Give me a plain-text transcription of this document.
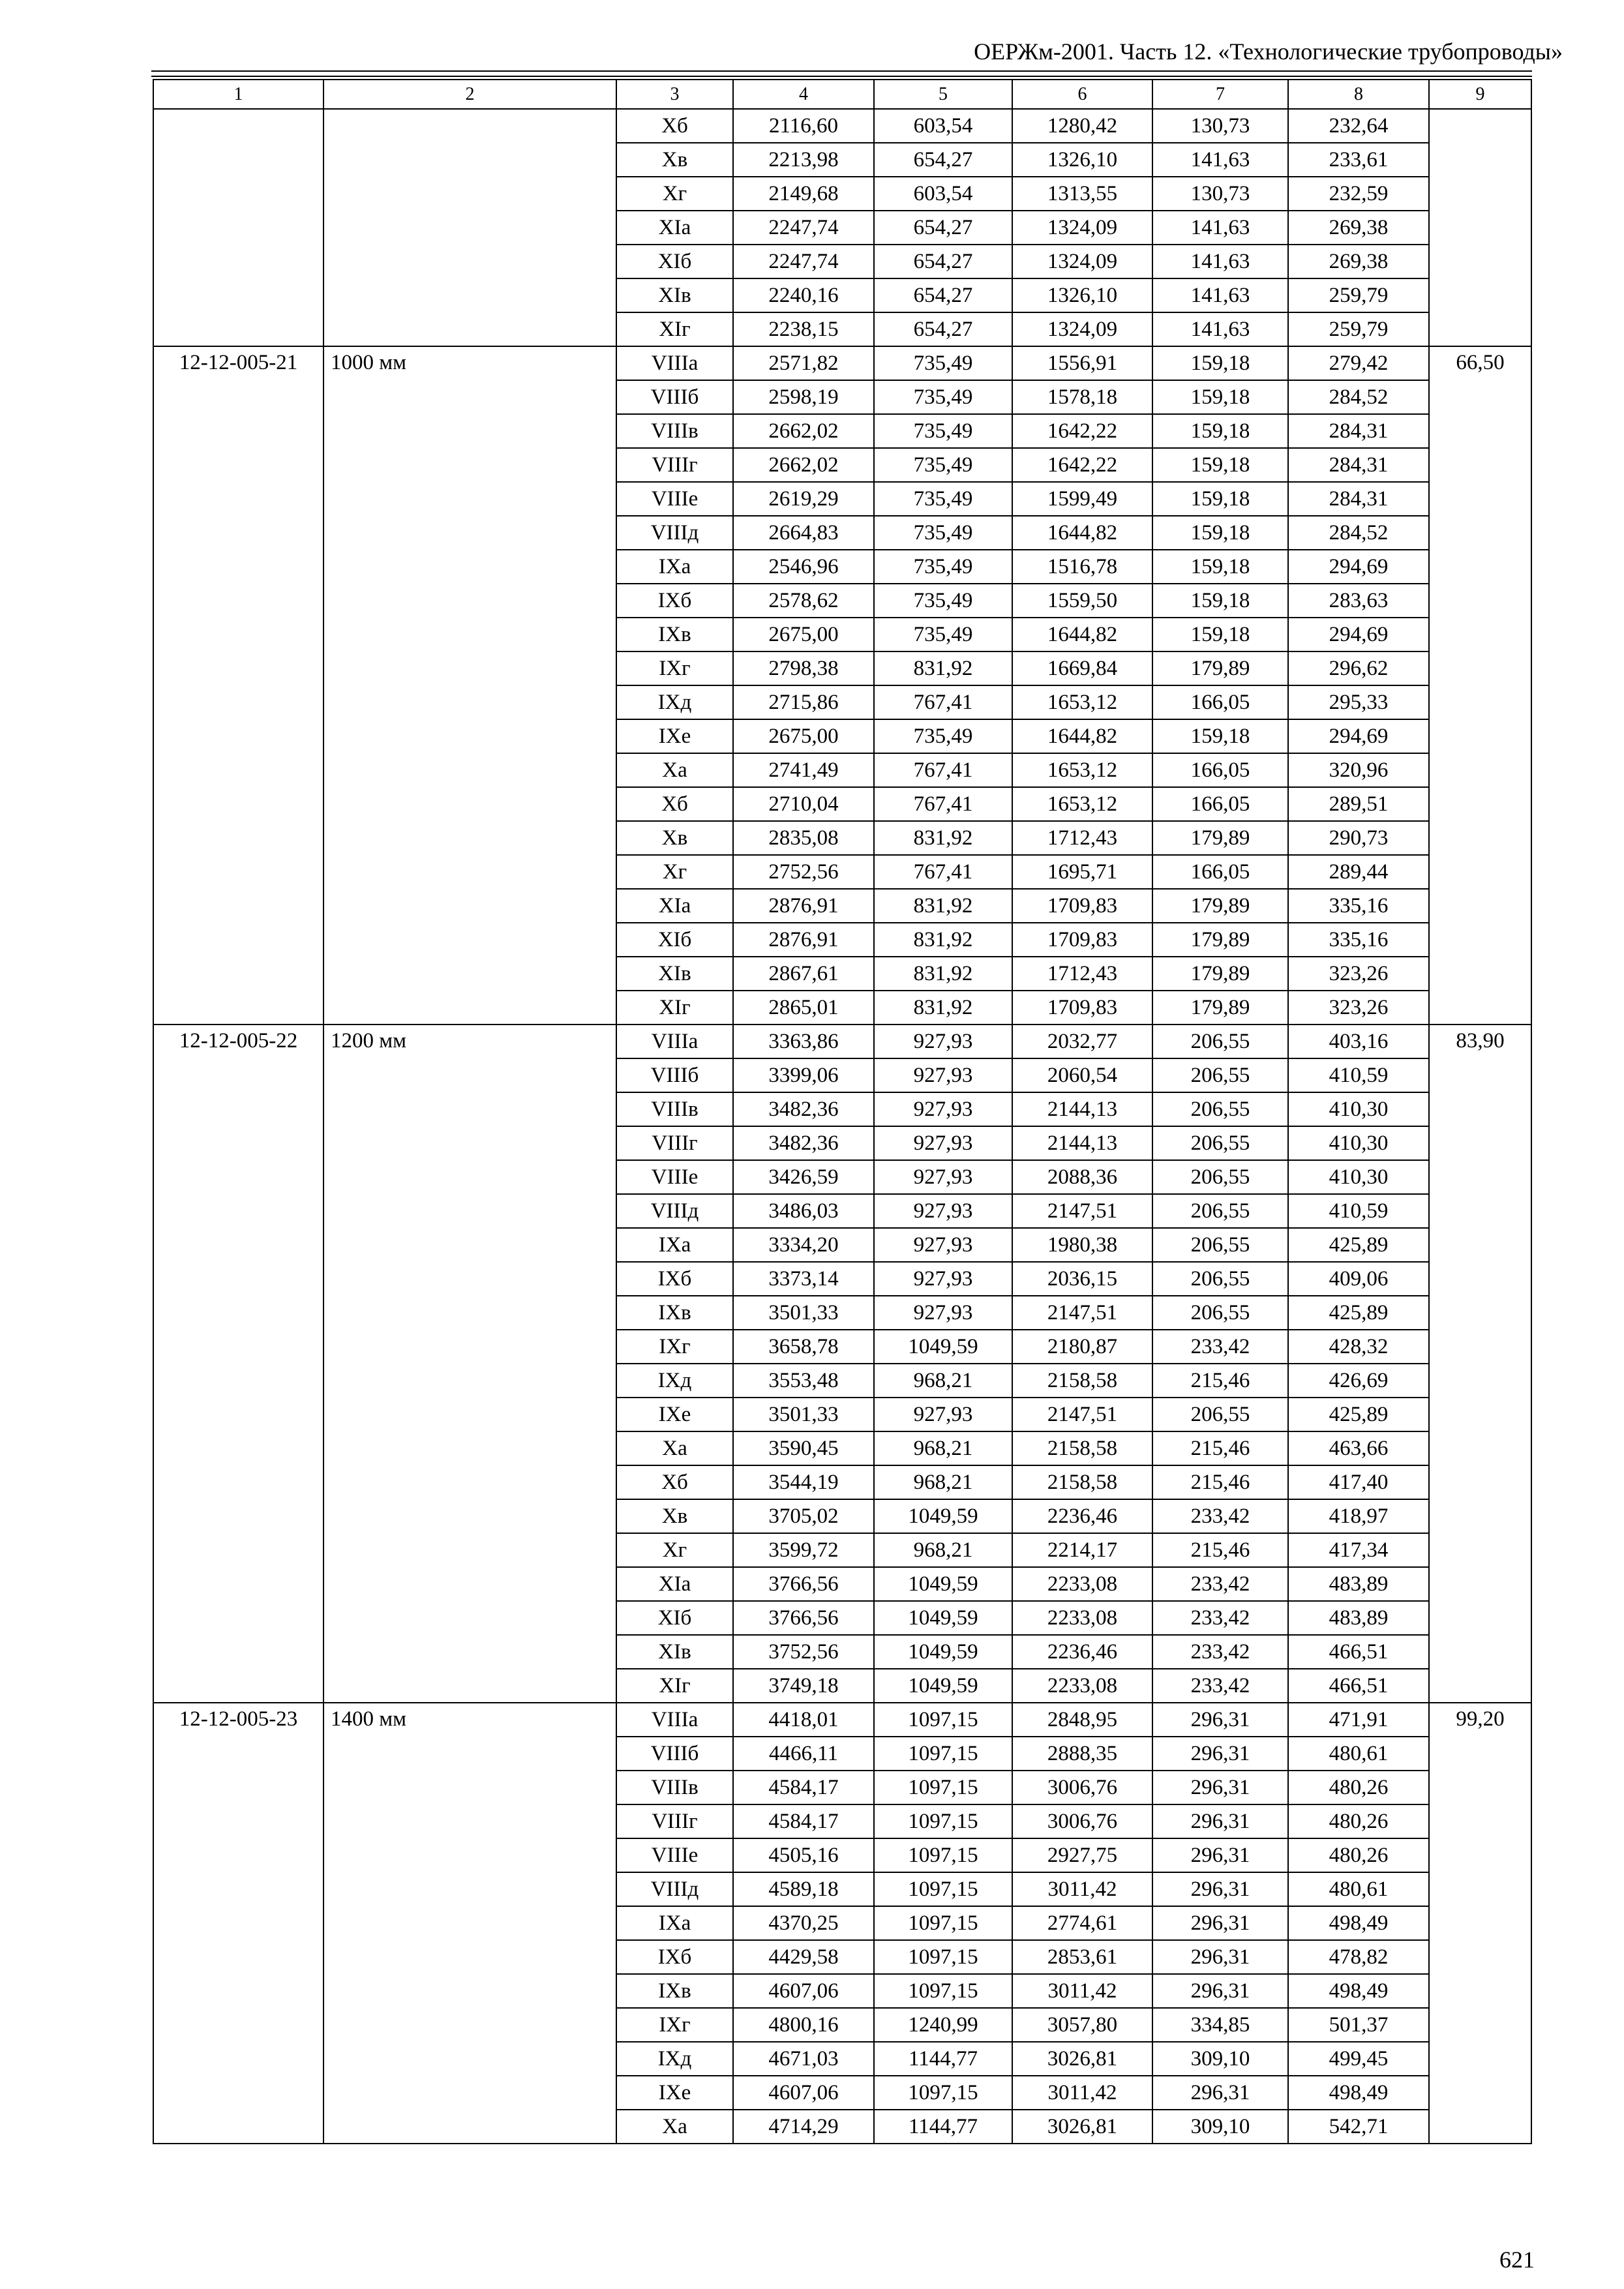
ОЕРЖм-2001. Часть 12. «Технологические трубопроводы»
1	2	3	4	5	6	7	8	9
		Хб	2116,60	603,54	1280,42	130,73	232,64	
		Хв	2213,98	654,27	1326,10	141,63	233,61	
		Хг	2149,68	603,54	1313,55	130,73	232,59	
		ХIа	2247,74	654,27	1324,09	141,63	269,38	
		ХIб	2247,74	654,27	1324,09	141,63	269,38	
		ХIв	2240,16	654,27	1326,10	141,63	259,79	
		ХIг	2238,15	654,27	1324,09	141,63	259,79	
12-12-005-21	1000 мм	VIIIа	2571,82	735,49	1556,91	159,18	279,42	66,50
		VIIIб	2598,19	735,49	1578,18	159,18	284,52	
		VIIIв	2662,02	735,49	1642,22	159,18	284,31	
		VIIIг	2662,02	735,49	1642,22	159,18	284,31	
		VIIIе	2619,29	735,49	1599,49	159,18	284,31	
		VIIIд	2664,83	735,49	1644,82	159,18	284,52	
		IХа	2546,96	735,49	1516,78	159,18	294,69	
		IХб	2578,62	735,49	1559,50	159,18	283,63	
		IХв	2675,00	735,49	1644,82	159,18	294,69	
		IХг	2798,38	831,92	1669,84	179,89	296,62	
		IХд	2715,86	767,41	1653,12	166,05	295,33	
		IХе	2675,00	735,49	1644,82	159,18	294,69	
		Ха	2741,49	767,41	1653,12	166,05	320,96	
		Хб	2710,04	767,41	1653,12	166,05	289,51	
		Хв	2835,08	831,92	1712,43	179,89	290,73	
		Хг	2752,56	767,41	1695,71	166,05	289,44	
		ХIа	2876,91	831,92	1709,83	179,89	335,16	
		ХIб	2876,91	831,92	1709,83	179,89	335,16	
		ХIв	2867,61	831,92	1712,43	179,89	323,26	
		ХIг	2865,01	831,92	1709,83	179,89	323,26	
12-12-005-22	1200 мм	VIIIа	3363,86	927,93	2032,77	206,55	403,16	83,90
		VIIIб	3399,06	927,93	2060,54	206,55	410,59	
		VIIIв	3482,36	927,93	2144,13	206,55	410,30	
		VIIIг	3482,36	927,93	2144,13	206,55	410,30	
		VIIIе	3426,59	927,93	2088,36	206,55	410,30	
		VIIIд	3486,03	927,93	2147,51	206,55	410,59	
		IХа	3334,20	927,93	1980,38	206,55	425,89	
		IХб	3373,14	927,93	2036,15	206,55	409,06	
		IХв	3501,33	927,93	2147,51	206,55	425,89	
		IХг	3658,78	1049,59	2180,87	233,42	428,32	
		IХд	3553,48	968,21	2158,58	215,46	426,69	
		IХе	3501,33	927,93	2147,51	206,55	425,89	
		Ха	3590,45	968,21	2158,58	215,46	463,66	
		Хб	3544,19	968,21	2158,58	215,46	417,40	
		Хв	3705,02	1049,59	2236,46	233,42	418,97	
		Хг	3599,72	968,21	2214,17	215,46	417,34	
		ХIа	3766,56	1049,59	2233,08	233,42	483,89	
		ХIб	3766,56	1049,59	2233,08	233,42	483,89	
		ХIв	3752,56	1049,59	2236,46	233,42	466,51	
		ХIг	3749,18	1049,59	2233,08	233,42	466,51	
12-12-005-23	1400 мм	VIIIа	4418,01	1097,15	2848,95	296,31	471,91	99,20
		VIIIб	4466,11	1097,15	2888,35	296,31	480,61	
		VIIIв	4584,17	1097,15	3006,76	296,31	480,26	
		VIIIг	4584,17	1097,15	3006,76	296,31	480,26	
		VIIIе	4505,16	1097,15	2927,75	296,31	480,26	
		VIIIд	4589,18	1097,15	3011,42	296,31	480,61	
		IХа	4370,25	1097,15	2774,61	296,31	498,49	
		IХб	4429,58	1097,15	2853,61	296,31	478,82	
		IХв	4607,06	1097,15	3011,42	296,31	498,49	
		IХг	4800,16	1240,99	3057,80	334,85	501,37	
		IХд	4671,03	1144,77	3026,81	309,10	499,45	
		IХе	4607,06	1097,15	3011,42	296,31	498,49	
		Ха	4714,29	1144,77	3026,81	309,10	542,71	
621
